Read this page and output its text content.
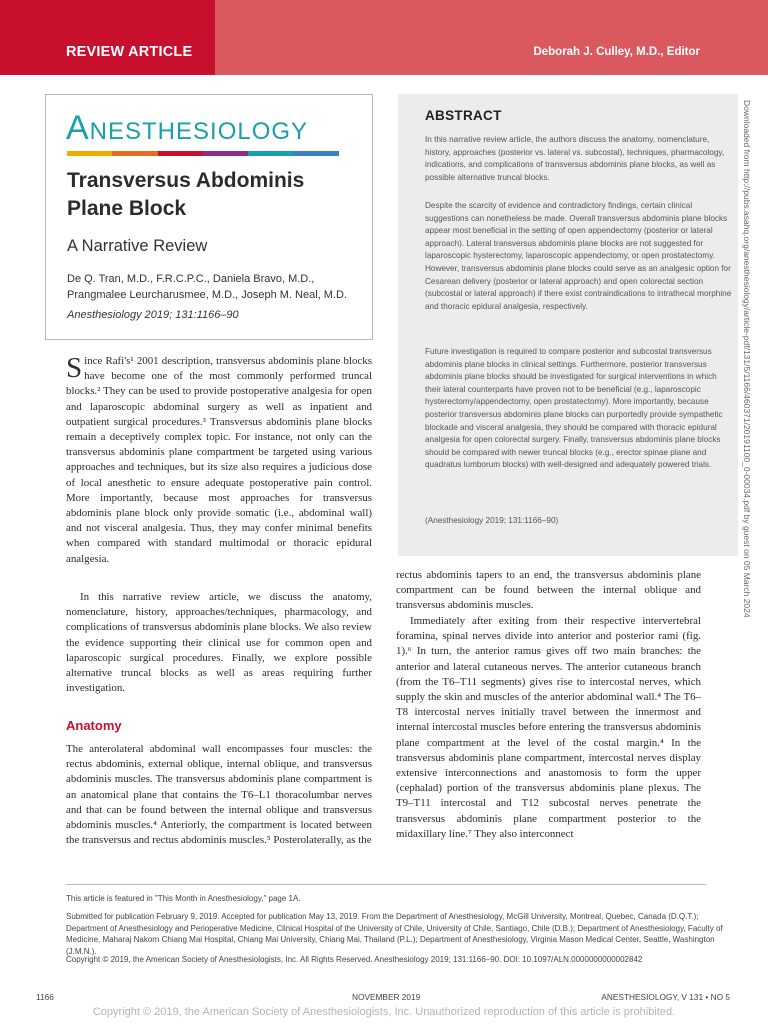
REVIEW ARTICLE	Deborah J. Culley, M.D., Editor
Anesthesiology
Transversus Abdominis Plane Block
A Narrative Review
De Q. Tran, M.D., F.R.C.P.C., Daniela Bravo, M.D., Prangmalee Leurcharusmee, M.D., Joseph M. Neal, M.D.
Anesthesiology 2019; 131:1166–90
ABSTRACT
In this narrative review article, the authors discuss the anatomy, nomenclature, history, approaches (posterior vs. lateral vs. subcostal), techniques, pharmacology, indications, and complications of transversus abdominis plane blocks, as well as possible alternative truncal blocks.
Despite the scarcity of evidence and contradictory findings, certain clinical suggestions can nonetheless be made. Overall transversus abdominis plane blocks appear most beneficial in the setting of open appendectomy (posterior or lateral approach). Lateral transversus abdominis plane blocks are not suggested for laparoscopic hysterectomy, laparoscopic appendectomy, or open prostatectomy. However, transversus abdominis plane blocks could serve as an analgesic option for Cesarean delivery (posterior or lateral approach) and open colorectal section (subcostal or lateral approach) if there exist contraindications to intrathecal morphine and thoracic epidural analgesia, respectively.
Future investigation is required to compare posterior and subcostal transversus abdominis plane blocks in clinical settings. Furthermore, posterior transversus abdominis plane blocks should be investigated for surgical interventions in which their lateral counterparts have proven not to be beneficial (e.g., laparoscopic hysterectomy/appendectomy, open prostatectomy). More importantly, because posterior transversus abdominis plane blocks can purportedly provide sympathetic blockade and visceral analgesia, they should be compared with thoracic epidural analgesia for open colorectal surgery. Finally, transversus abdominis plane blocks should be compared with newer truncal blocks (e.g., erector spinae plane and quadratus lumborum blocks) with well-designed and adequately powered trials.
(Anesthesiology 2019; 131:1166–90)	Downloaded from http://pubs.asahq.org/anesthesiology/article-pdf/131/5/1166/460371/20191100_0-00034.pdf by guest on 05 March 2024
Since Rafi's¹ 2001 description, transversus abdominis plane blocks have become one of the most commonly performed truncal blocks.² They can be used to provide postoperative analgesia for open and laparoscopic abdominal surgery as well as inpatient and outpatient surgical procedures.³ Transversus abdominis plane blocks remain a deceptively complex topic. For instance, not only can the transversus abdominis plane compartment be targeted using various approaches and techniques, but its size also requires a judicious dose of local anesthetic to ensure adequate postoperative pain control. More importantly, because most approaches for transversus abdominis plane block only provide somatic (i.e., abdominal wall) and not visceral analgesia. Thus, they may confer minimal benefits when compared with standard multimodal or thoracic epidural analgesia.
In this narrative review article, we discuss the anatomy, nomenclature, history, approaches/techniques, pharmacology, and complications of transversus abdominis plane blocks. We also review the evidence supporting their clinical use for common open and laparoscopic surgical procedures. Finally, we explore possible alternative truncal blocks as well as areas requiring further investigation.
Anatomy
The anterolateral abdominal wall encompasses four muscles: the rectus abdominis, external oblique, internal oblique, and transversus abdominis muscles. The transversus abdominis plane compartment is an anatomical plane that contains the T6–L1 thoracolumbar nerves and that can be found between the internal oblique and transversus abdominis muscles.⁴ Anteriorly, the compartment is located between the transversus and rectus abdominis muscles.⁵ Posterolaterally, as the
rectus abdominis tapers to an end, the transversus abdominis plane compartment can be found between the internal oblique and transversus abdominis muscles.
Immediately after exiting from their respective intervertebral foramina, spinal nerves divide into anterior and posterior rami (fig. 1).⁶ In turn, the anterior ramus gives off two main branches: the anterior and lateral cutaneous nerves. The anterior cutaneous branch (from the T6–T11 segments) gives rise to intercostal nerves, which supply the skin and muscles of the anterior abdominal wall.⁴ The T6–T8 intercostal nerves initially travel between the innermost and internal intercostal muscles before entering the transversus abdominis plane compartment at the level of the costal margin.⁴ In the transversus abdominis plane compartment, intercostal nerves display extensive interconnections and anastomosis to form the upper (cephalad) portion of the transversus abdominis plane plexus. The T9–T11 intercostal and T12 subcostal nerves penetrate the transversus abdominis plane compartment posterior to the midaxillary line.⁷ They also interconnect
This article is featured in "This Month in Anesthesiology," page 1A.
Submitted for publication February 9, 2019. Accepted for publication May 13, 2019. From the Department of Anesthesiology, McGill University, Montreal, Quebec, Canada (D.Q.T.); Department of Anesthesiology and Perioperative Medicine, Clinical Hospital of the University of Chile, University of Chile, Santiago, Chile (D.B.); Department of Anesthesiology, Faculty of Medicine, Maharaj Nakorn Chiang Mai Hospital, Chiang Mai University, Chiang Mai, Thailand (P.L.); Department of Anesthesiology, Virginia Mason Medical Center, Seattle, Washington (J.M.N.).
Copyright © 2019, the American Society of Anesthesiologists, Inc. All Rights Reserved. Anesthesiology 2019; 131:1166–90. DOI: 10.1097/ALN.0000000000002842
1166	NOVEMBER 2019	ANESTHESIOLOGY, V 131 • NO 5
Copyright © 2019, the American Society of Anesthesiologists, Inc. Unauthorized reproduction of this article is prohibited.
